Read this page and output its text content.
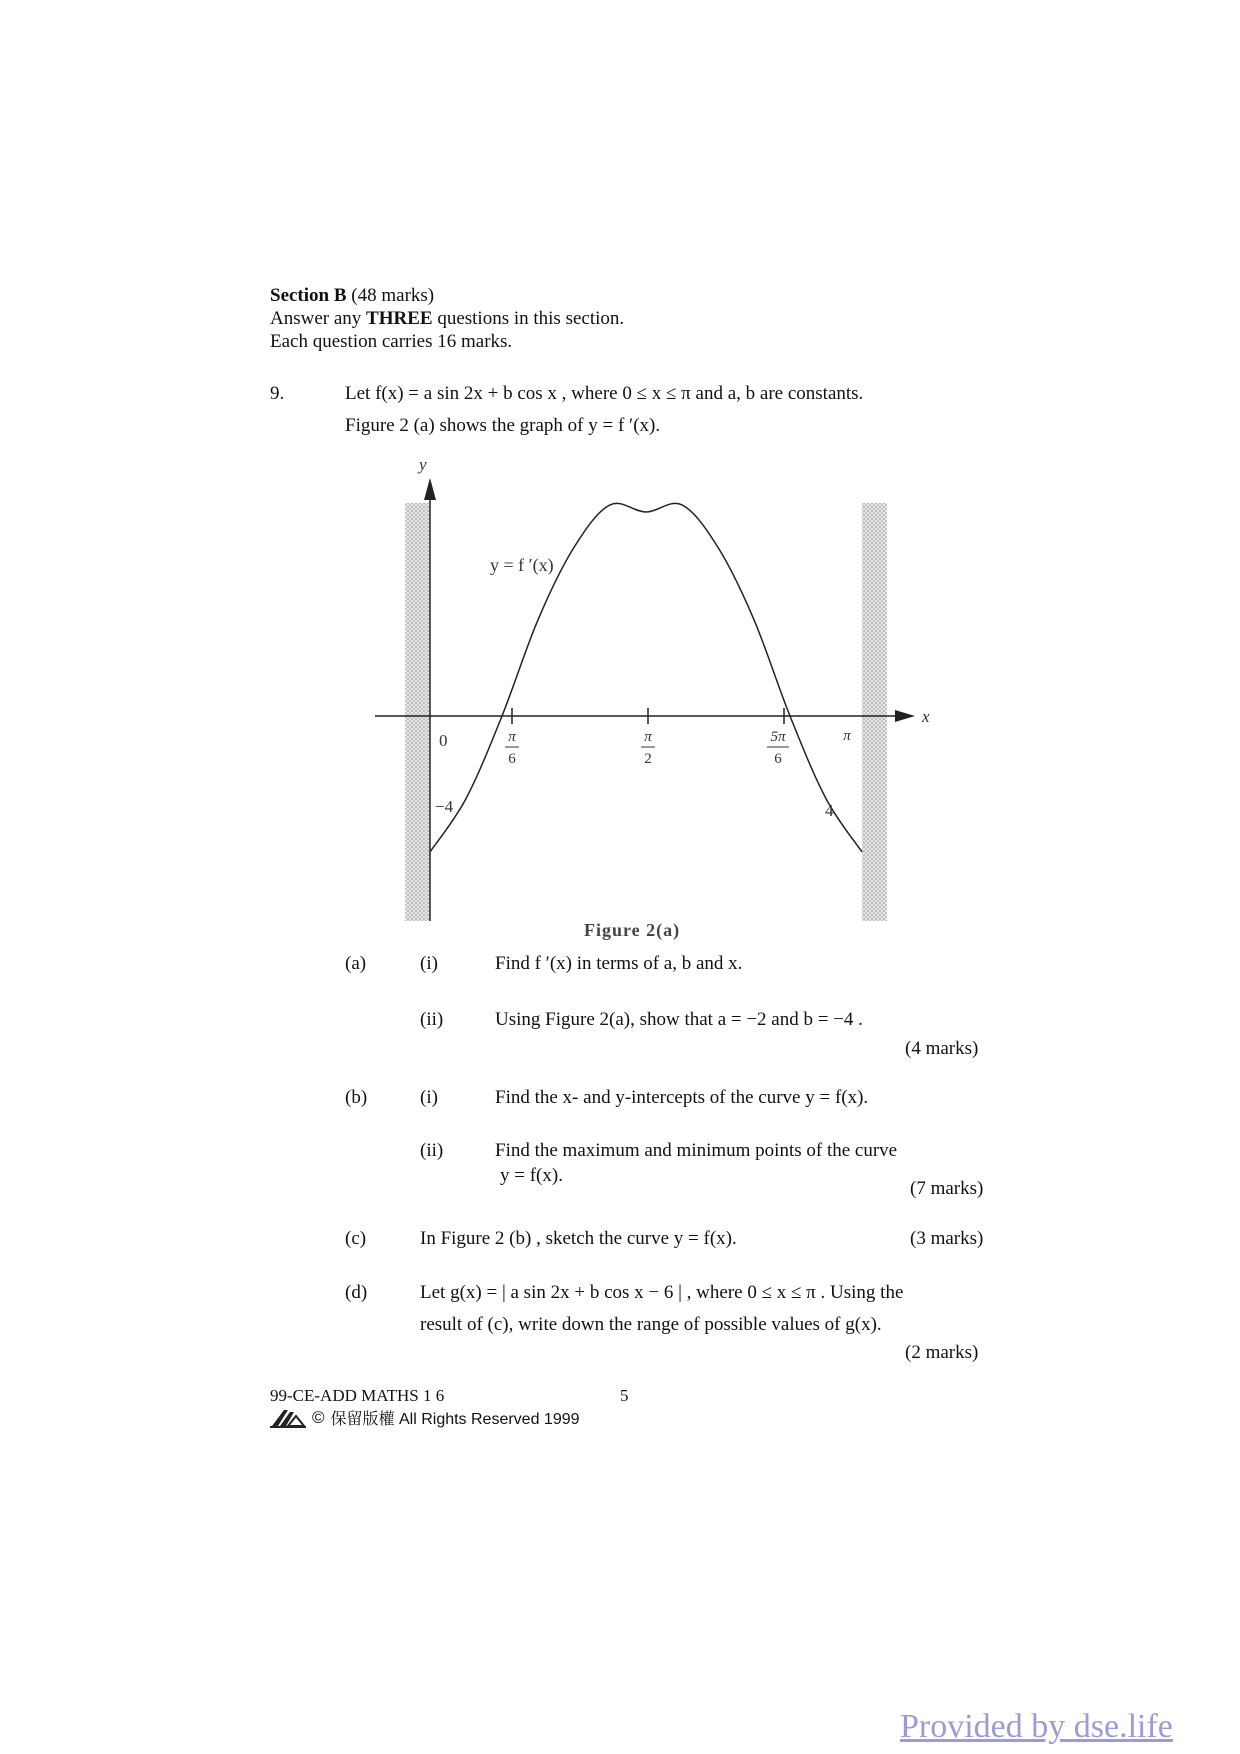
Section B (48 marks)
Answer any THREE questions in this section.
Each question carries 16 marks.
9.	Let f(x) = a sin 2x + b cos x , where 0 ≤ x ≤ π and a, b are constants.
Figure 2 (a) shows the graph of y = f ′(x).
y
x
y = f ′(x)
0	π
6
π
2
5π
6
π
−4	4
Figure 2(a)
(a)	(i)	Find f ′(x) in terms of a, b and x.
(ii)	Using Figure 2(a), show that a = −2 and b = −4 .
(4 marks)
(b)	(i)	Find the x- and y-intercepts of the curve y = f(x).
(ii)	Find the maximum and minimum points of the curve
y = f(x).
(7 marks)
(c)	In Figure 2 (b) , sketch the curve y = f(x).	(3 marks)
(d)	Let g(x) = | a sin 2x + b cos x − 6 | , where 0 ≤ x ≤ π . Using the
result of (c), write down the range of possible values of g(x).
(2 marks)
99-CE-ADD MATHS 1 6	5
© 保留版權 All Rights Reserved 1999
Provided by dse.life
